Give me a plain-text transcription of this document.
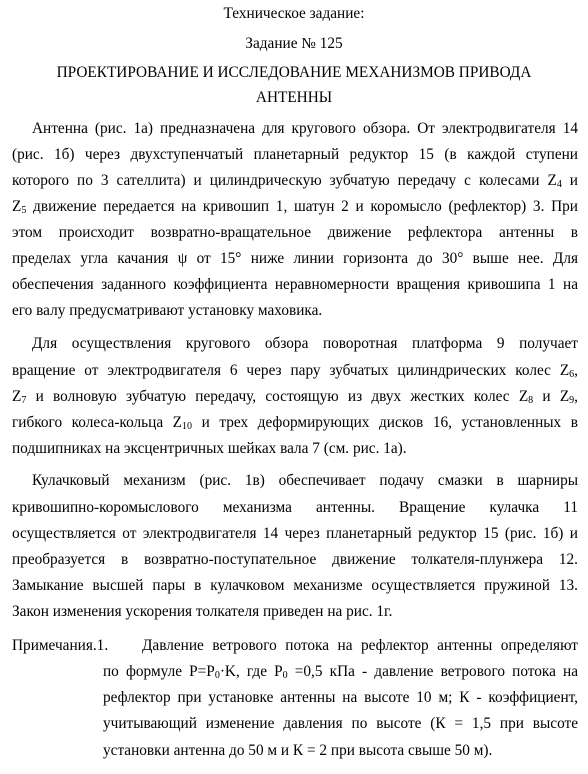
Техническое задание:
Задание № 125
ПРОЕКТИРОВАНИЕ И ИССЛЕДОВАНИЕ МЕХАНИЗМОВ ПРИВОДА
АНТЕННЫ
Антенна (рис. 1а) предназначена для кругового обзора. От электродвигателя 14
(рис. 1б) через двухступенчатый планетарный редуктор 15 (в каждой ступени
которого по 3 сателлита) и цилиндрическую зубчатую передачу с колесами $Z_4$ и
$Z_5$ движение передается на кривошип 1, шатун 2 и коромысло (рефлектор) 3. При
этом происходит возвратно-вращательное движение рефлектора антенны в
пределах угла качания ψ от 15° ниже линии горизонта до 30° выше нее. Для
обеспечения заданного коэффициента неравномерности вращения кривошипа 1 на
его валу предусматривают установку маховика.
Для осуществления кругового обзора поворотная платформа 9 получает
вращение от электродвигателя 6 через пару зубчатых цилиндрических колес $Z_6$,
$Z_7$ и волновую зубчатую передачу, состоящую из двух жестких колес $Z_8$ и $Z_9$,
гибкого колеса-кольца $Z_{10}$ и трех деформирующих дисков 16, установленных в
подшипниках на эксцентричных шейках вала 7 (см. рис. 1а).
Кулачковый механизм (рис. 1в) обеспечивает подачу смазки в шарниры
кривошипно-коромыслового механизма антенны. Вращение кулачка 11
осуществляется от электродвигателя 14 через планетарный редуктор 15 (рис. 1б) и
преобразуется в возвратно-поступательное движение толкателя-плунжера 12.
Замыкание высшей пары в кулачковом механизме осуществляется пружиной 13.
Закон изменения ускорения толкателя приведен на рис. 1г.
Примечания.1. Давление ветрового потока на рефлектор антенны определяют
по формуле $P=P_0\cdot K$, где $P_0 =0,5$ кПа - давление ветрового потока на
рефлектор при установке антенны на высоте 10 м; К - коэффициент,
учитывающий изменение давления по высоте (К = 1,5 при высоте
установки антенна до 50 м и К = 2 при высота свыше 50 м).
